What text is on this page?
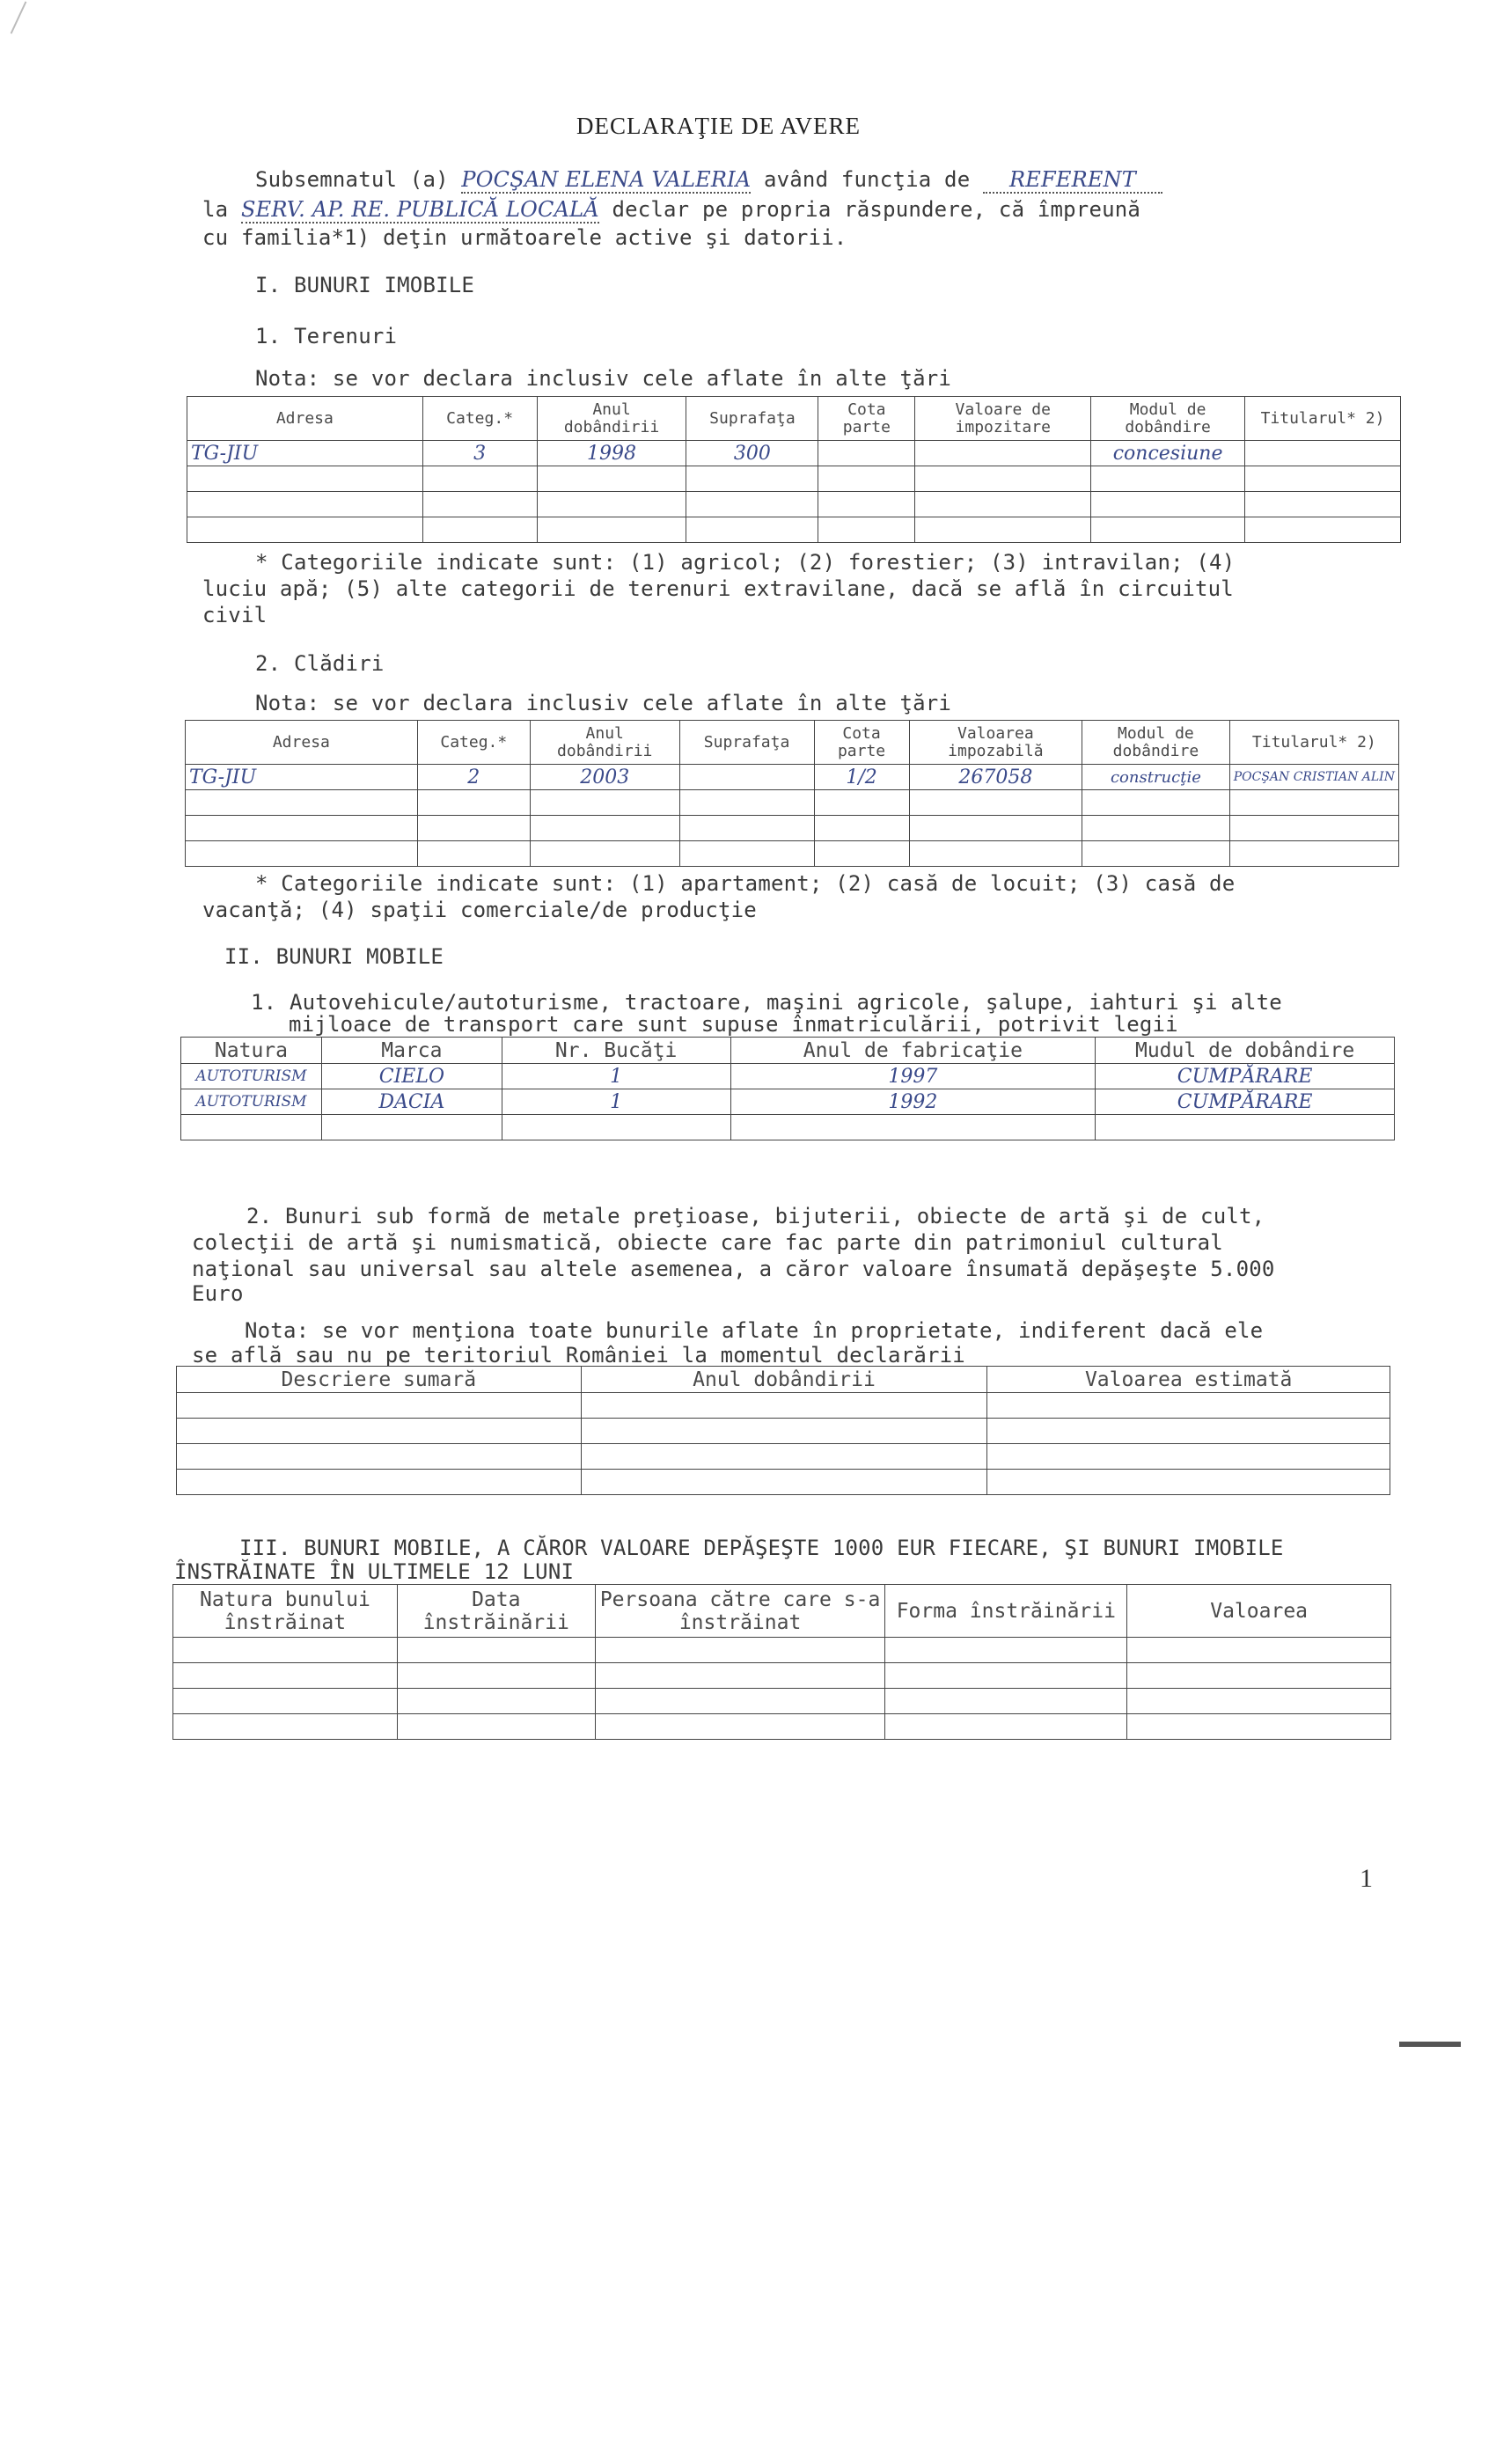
DECLARAŢIE DE AVERE
Subsemnatul (a) POCŞAN ELENA VALERIA având funcţia de REFERENT
la SERV. AP. RE. PUBLICĂ LOCALĂ declar pe propria răspundere, că împreună
cu familia*1) deţin următoarele active şi datorii.
I. BUNURI IMOBILE
1. Terenuri
Nota: se vor declara inclusiv cele aflate în alte ţări
Adresa	Categ.*	Anul dobândirii	Suprafaţa	Cota parte	Valoare de impozitare	Modul de dobândire	Titularul* 2)
TG-JIU	3	1998	300			concesiune	

* Categoriile indicate sunt: (1) agricol; (2) forestier; (3) intravilan; (4)
luciu apă; (5) alte categorii de terenuri extravilane, dacă se află în circuitul
civil
2. Clădiri
Nota: se vor declara inclusiv cele aflate în alte ţări
Adresa	Categ.*	Anul dobândirii	Suprafaţa	Cota parte	Valoarea impozabilă	Modul de dobândire	Titularul* 2)
TG-JIU	2	2003		1/2	267058	construcţie	POCŞAN CRISTIAN ALIN

* Categoriile indicate sunt: (1) apartament; (2) casă de locuit; (3) casă de
vacanţă; (4) spaţii comerciale/de producţie
II. BUNURI MOBILE
1. Autovehicule/autoturisme, tractoare, maşini agricole, şalupe, iahturi şi alte
mijloace de transport care sunt supuse înmatriculării, potrivit legii
Natura	Marca	Nr. Bucăţi	Anul de fabricaţie	Mudul de dobândire
AUTOTURISM	CIELO	1	1997	CUMPĂRARE
AUTOTURISM	DACIA	1	1992	CUMPĂRARE

2. Bunuri sub formă de metale preţioase, bijuterii, obiecte de artă şi de cult,
colecţii de artă şi numismatică, obiecte care fac parte din patrimoniul cultural
naţional sau universal sau altele asemenea, a căror valoare însumată depăşeşte 5.000
Euro
Nota: se vor menţiona toate bunurile aflate în proprietate, indiferent dacă ele
se află sau nu pe teritoriul României la momentul declarării
Descriere sumară	Anul dobândirii	Valoarea estimată

III. BUNURI MOBILE, A CĂROR VALOARE DEPĂŞEŞTE 1000 EUR FIECARE, ŞI BUNURI IMOBILE
ÎNSTRĂINATE ÎN ULTIMELE 12 LUNI
Natura bunului înstrăinat	Data înstrăinării	Persoana către care s-a înstrăinat	Forma înstrăinării	Valoarea

1
